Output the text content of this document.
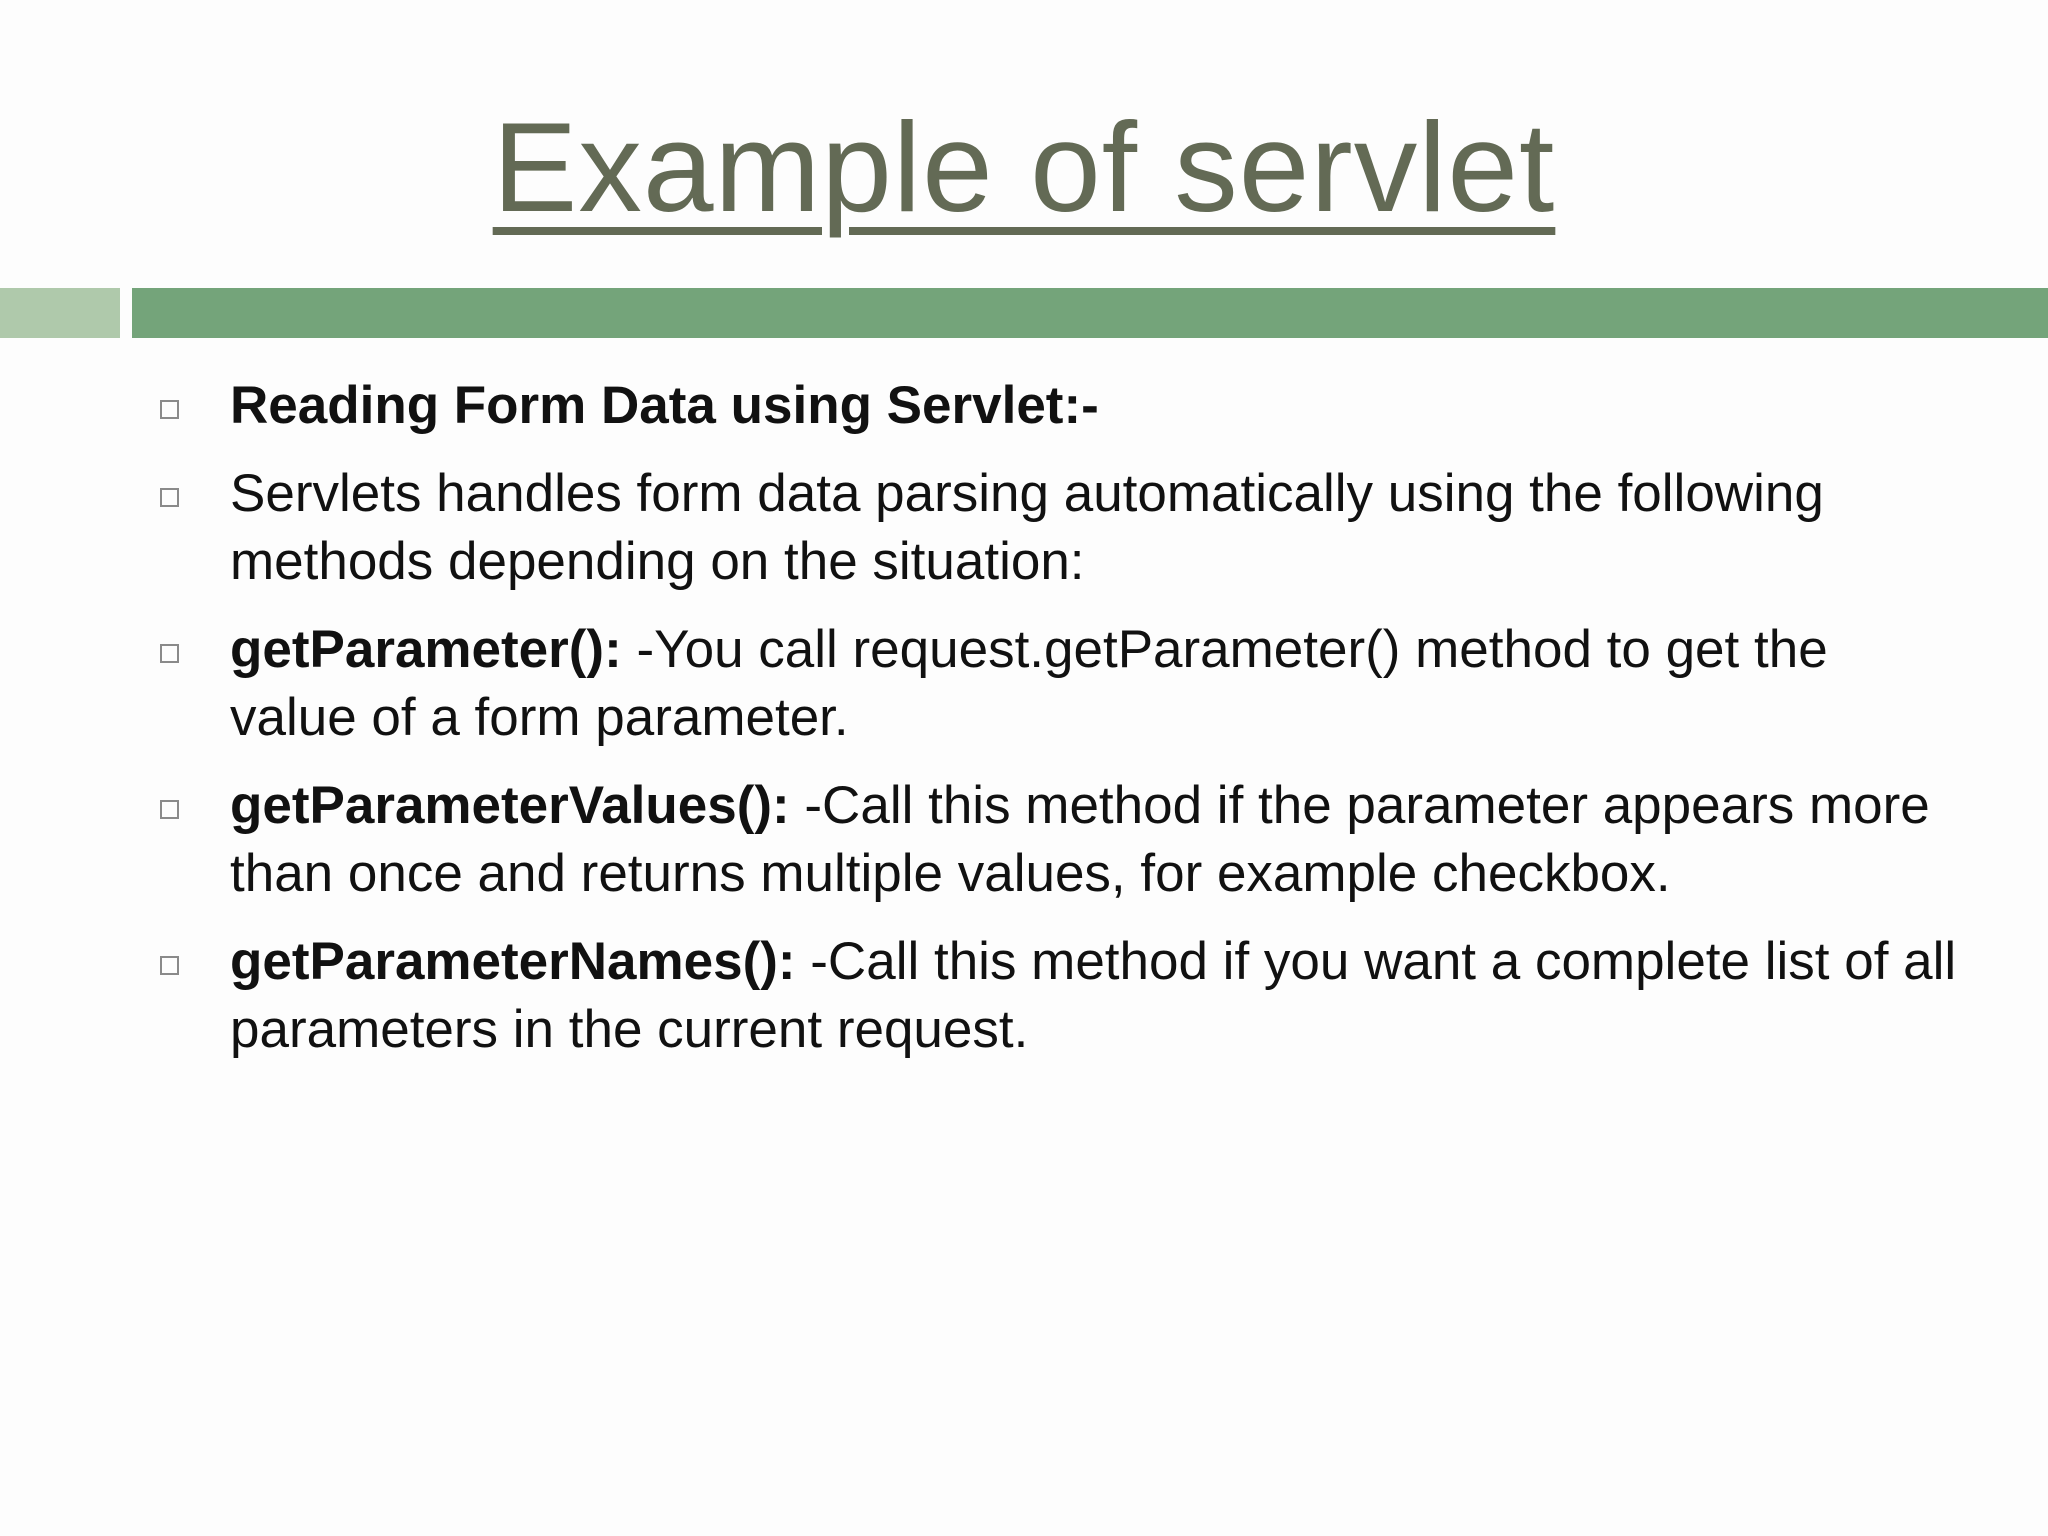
Example of servlet
Reading Form Data using Servlet:-
Servlets handles form data parsing automatically using the following methods depending on the situation:
getParameter(): -You call request.getParameter() method to get the value of a form parameter.
getParameterValues(): -Call this method if the parameter appears more than once and returns multiple values, for example checkbox.
getParameterNames(): -Call this method if you want a complete list of all parameters in the current request.
